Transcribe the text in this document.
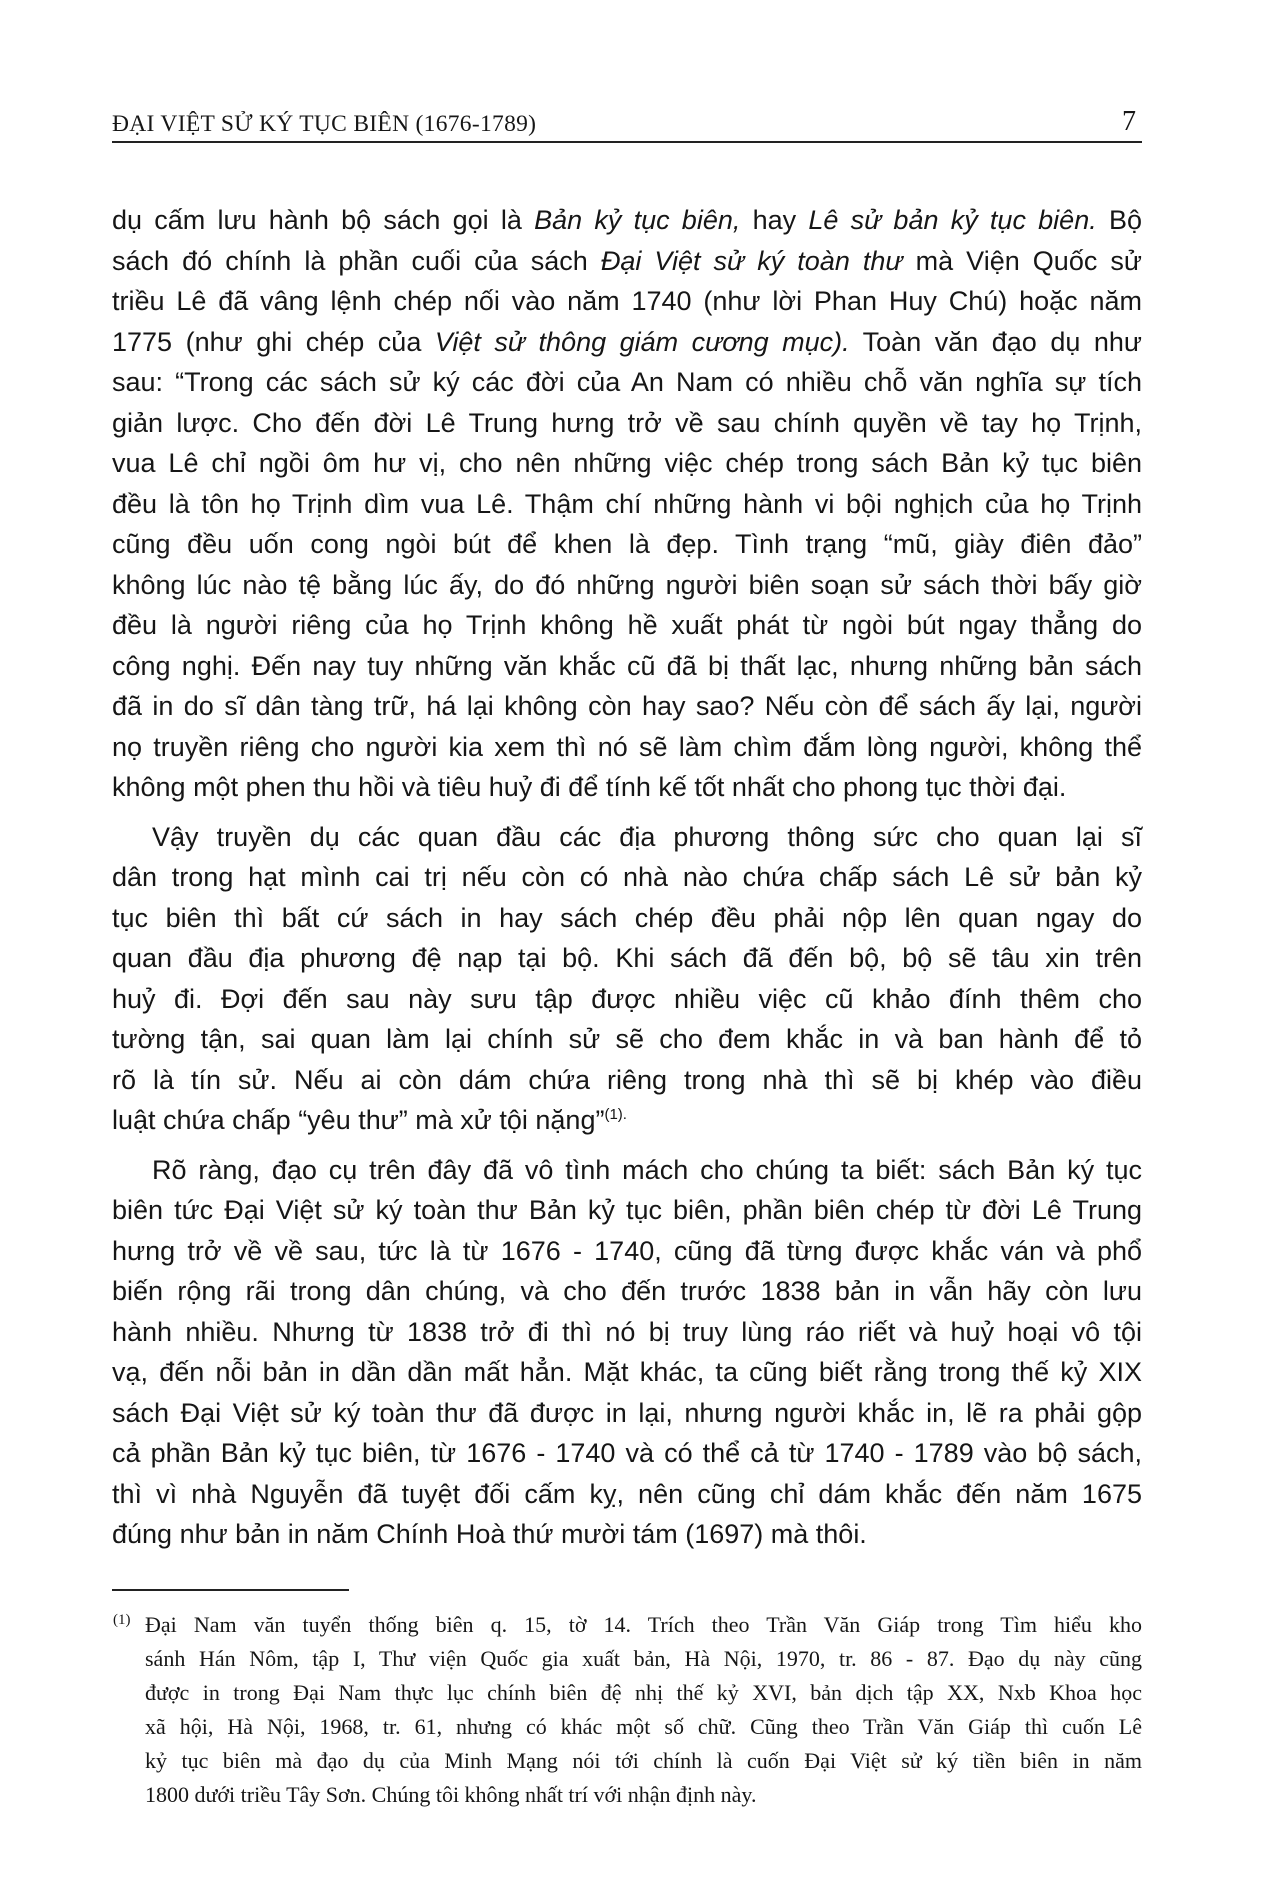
ĐẠI VIỆT SỬ KÝ TỤC BIÊN (1676-1789)	7
dụ cấm lưu hành bộ sách gọi là Bản kỷ tục biên, hay Lê sử bản kỷ tục biên. Bộ
sách đó chính là phần cuối của sách Đại Việt sử ký toàn thư mà Viện Quốc sử
triều Lê đã vâng lệnh chép nối vào năm 1740 (như lời Phan Huy Chú) hoặc năm
1775 (như ghi chép của Việt sử thông giám cương mục). Toàn văn đạo dụ như
sau: “Trong các sách sử ký các đời của An Nam có nhiều chỗ văn nghĩa sự tích
giản lược. Cho đến đời Lê Trung hưng trở về sau chính quyền về tay họ Trịnh,
vua Lê chỉ ngồi ôm hư vị, cho nên những việc chép trong sách Bản kỷ tục biên
đều là tôn họ Trịnh dìm vua Lê. Thậm chí những hành vi bội nghịch của họ Trịnh
cũng đều uốn cong ngòi bút để khen là đẹp. Tình trạng “mũ, giày điên đảo”
không lúc nào tệ bằng lúc ấy, do đó những người biên soạn sử sách thời bấy giờ
đều là người riêng của họ Trịnh không hề xuất phát từ ngòi bút ngay thẳng do
công nghị. Đến nay tuy những văn khắc cũ đã bị thất lạc, nhưng những bản sách
đã in do sĩ dân tàng trữ, há lại không còn hay sao? Nếu còn để sách ấy lại, người
nọ truyền riêng cho người kia xem thì nó sẽ làm chìm đắm lòng người, không thể
không một phen thu hồi và tiêu huỷ đi để tính kế tốt nhất cho phong tục thời đại.
Vậy truyền dụ các quan đầu các địa phương thông sức cho quan lại sĩ
dân trong hạt mình cai trị nếu còn có nhà nào chứa chấp sách Lê sử bản kỷ
tục biên thì bất cứ sách in hay sách chép đều phải nộp lên quan ngay do
quan đầu địa phương đệ nạp tại bộ. Khi sách đã đến bộ, bộ sẽ tâu xin trên
huỷ đi. Đợi đến sau này sưu tập được nhiều việc cũ khảo đính thêm cho
tường tận, sai quan làm lại chính sử sẽ cho đem khắc in và ban hành để tỏ
rõ là tín sử. Nếu ai còn dám chứa riêng trong nhà thì sẽ bị khép vào điều
luật chứa chấp “yêu thư” mà xử tội nặng”$^{(1).}$
Rõ ràng, đạo cụ trên đây đã vô tình mách cho chúng ta biết: sách Bản ký tục
biên tức Đại Việt sử ký toàn thư Bản kỷ tục biên, phần biên chép từ đời Lê Trung
hưng trở về về sau, tức là từ 1676 - 1740, cũng đã từng được khắc ván và phổ
biến rộng rãi trong dân chúng, và cho đến trước 1838 bản in vẫn hãy còn lưu
hành nhiều. Nhưng từ 1838 trở đi thì nó bị truy lùng ráo riết và huỷ hoại vô tội
vạ, đến nỗi bản in dần dần mất hẳn. Mặt khác, ta cũng biết rằng trong thế kỷ XIX
sách Đại Việt sử ký toàn thư đã được in lại, nhưng người khắc in, lẽ ra phải gộp
cả phần Bản kỷ tục biên, từ 1676 - 1740 và có thể cả từ 1740 - 1789 vào bộ sách,
thì vì nhà Nguyễn đã tuyệt đối cấm kỵ, nên cũng chỉ dám khắc đến năm 1675
đúng như bản in năm Chính Hoà thứ mười tám (1697) mà thôi.
(1) Đại Nam văn tuyển thống biên q. 15, tờ 14. Trích theo Trần Văn Giáp trong Tìm hiểu kho
sánh Hán Nôm, tập I, Thư viện Quốc gia xuất bản, Hà Nội, 1970, tr. 86 - 87. Đạo dụ này cũng
được in trong Đại Nam thực lục chính biên đệ nhị thế kỷ XVI, bản dịch tập XX, Nxb Khoa học
xã hội, Hà Nội, 1968, tr. 61, nhưng có khác một số chữ. Cũng theo Trần Văn Giáp thì cuốn Lê
kỷ tục biên mà đạo dụ của Minh Mạng nói tới chính là cuốn Đại Việt sử ký tiền biên in năm
1800 dưới triều Tây Sơn. Chúng tôi không nhất trí với nhận định này.
